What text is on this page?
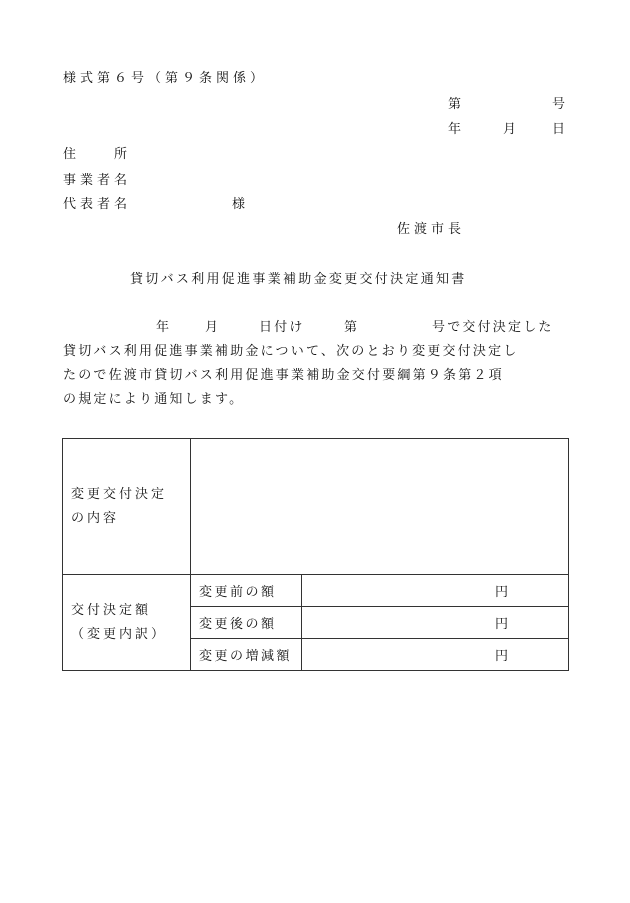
様式第６号（第９条関係）
第	号
年	月	日
住　　所
事業者名
代表者名	様
佐渡市長
貸切バス利用促進事業補助金変更交付決定通知書
年	月	日付け	第	号で交付決定した
貸切バス利用促進事業補助金について、次のとおり変更交付決定し
たので佐渡市貸切バス利用促進事業補助金交付要綱第９条第２項
の規定により通知します。
変更交付決定
の内容		

交付決定額
（変更内訳）	変更前の額	円
	変更後の額	円
	変更の増減額	円
